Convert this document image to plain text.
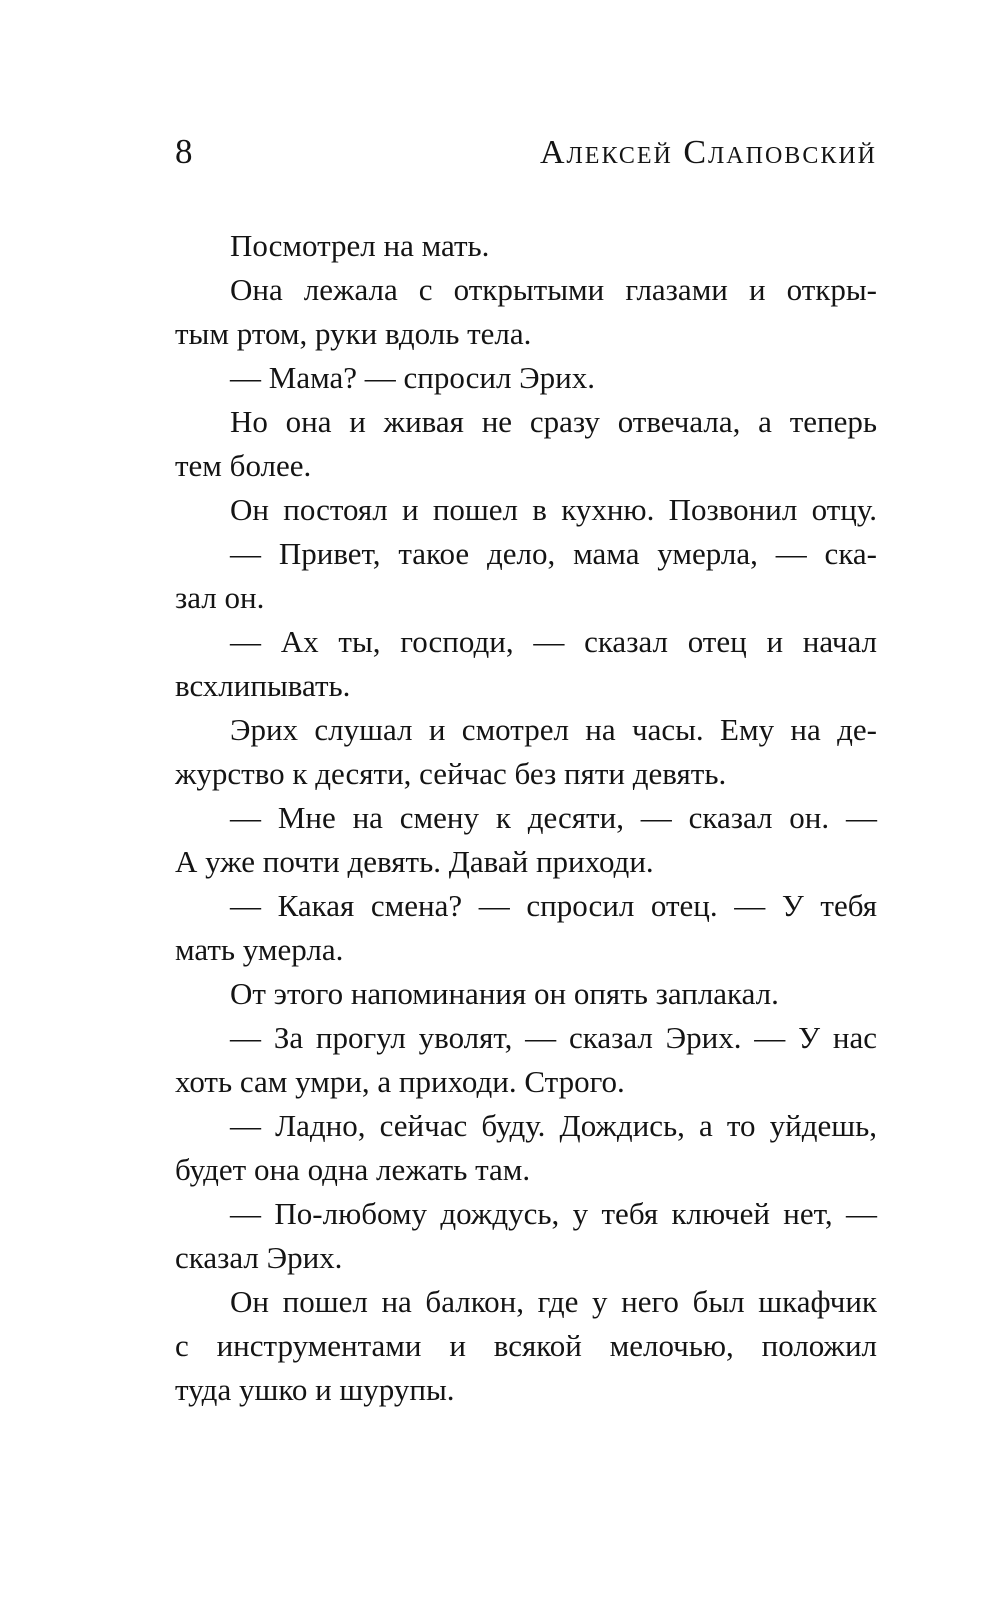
8	Алексей Слаповский
Посмотрел на мать.
Она лежала с открытыми глазами и откры-
тым ртом, руки вдоль тела.
— Мама? — спросил Эрих.
Но она и живая не сразу отвечала, а теперь
тем более.
Он постоял и пошел в кухню. Позвонил отцу.
— Привет, такое дело, мама умерла, — ска-
зал он.
— Ах ты, господи, — сказал отец и начал
всхлипывать.
Эрих слушал и смотрел на часы. Ему на де-
журство к десяти, сейчас без пяти девять.
— Мне на смену к десяти, — сказал он. —
А уже почти девять. Давай приходи.
— Какая смена? — спросил отец. — У тебя
мать умерла.
От этого напоминания он опять заплакал.
— За прогул уволят, — сказал Эрих. — У нас
хоть сам умри, а приходи. Строго.
— Ладно, сейчас буду. Дождись, а то уйдешь,
будет она одна лежать там.
— По-любому дождусь, у тебя ключей нет, —
сказал Эрих.
Он пошел на балкон, где у него был шкафчик
с инструментами и всякой мелочью, положил
туда ушко и шурупы.
